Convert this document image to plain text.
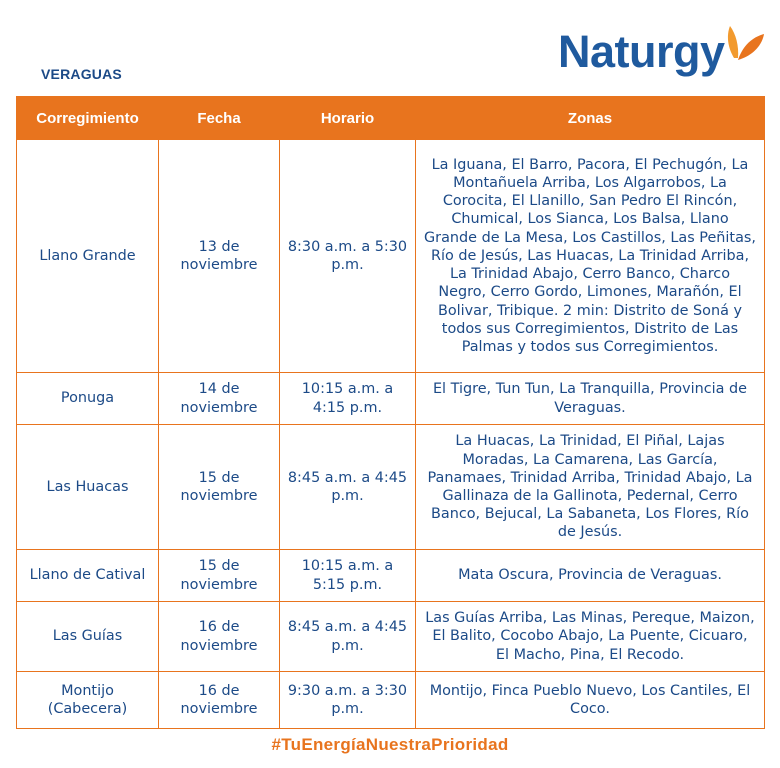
VERAGUAS	Naturgy
Corregimiento	Fecha	Horario	Zonas
Llano Grande	13 de noviembre	8:30 a.m. a 5:30 p.m.	La Iguana, El Barro, Pacora, El Pechugón, La Montañuela Arriba, Los Algarrobos, La Corocita, El Llanillo, San Pedro El Rincón, Chumical, Los Sianca, Los Balsa, Llano Grande de La Mesa, Los Castillos, Las Peñitas, Río de Jesús, Las Huacas, La Trinidad Arriba, La Trinidad Abajo, Cerro Banco, Charco Negro, Cerro Gordo, Limones, Marañón, El Bolivar, Tribique. 2 min: Distrito de Soná y todos sus Corregimientos, Distrito de Las Palmas y todos sus Corregimientos.
Ponuga	14 de noviembre	10:15 a.m. a 4:15 p.m.	El Tigre, Tun Tun, La Tranquilla, Provincia de Veraguas.
Las Huacas	15 de noviembre	8:45 a.m. a 4:45 p.m.	La Huacas, La Trinidad, El Piñal, Lajas Moradas, La Camarena, Las García, Panamaes, Trinidad Arriba, Trinidad Abajo, La Gallinaza de la Gallinota, Pedernal, Cerro Banco, Bejucal, La Sabaneta, Los Flores, Río de Jesús.
Llano de Catival	15 de noviembre	10:15 a.m. a 5:15 p.m.	Mata Oscura, Provincia de Veraguas.
Las Guías	16 de noviembre	8:45 a.m. a 4:45 p.m.	Las Guías Arriba, Las Minas, Pereque, Maizon, El Balito, Cocobo Abajo, La Puente, Cicuaro, El Macho, Pina, El Recodo.
Montijo (Cabecera)	16 de noviembre	9:30 a.m. a 3:30 p.m.	Montijo, Finca Pueblo Nuevo, Los Cantiles, El Coco.
#TuEnergíaNuestraPrioridad
